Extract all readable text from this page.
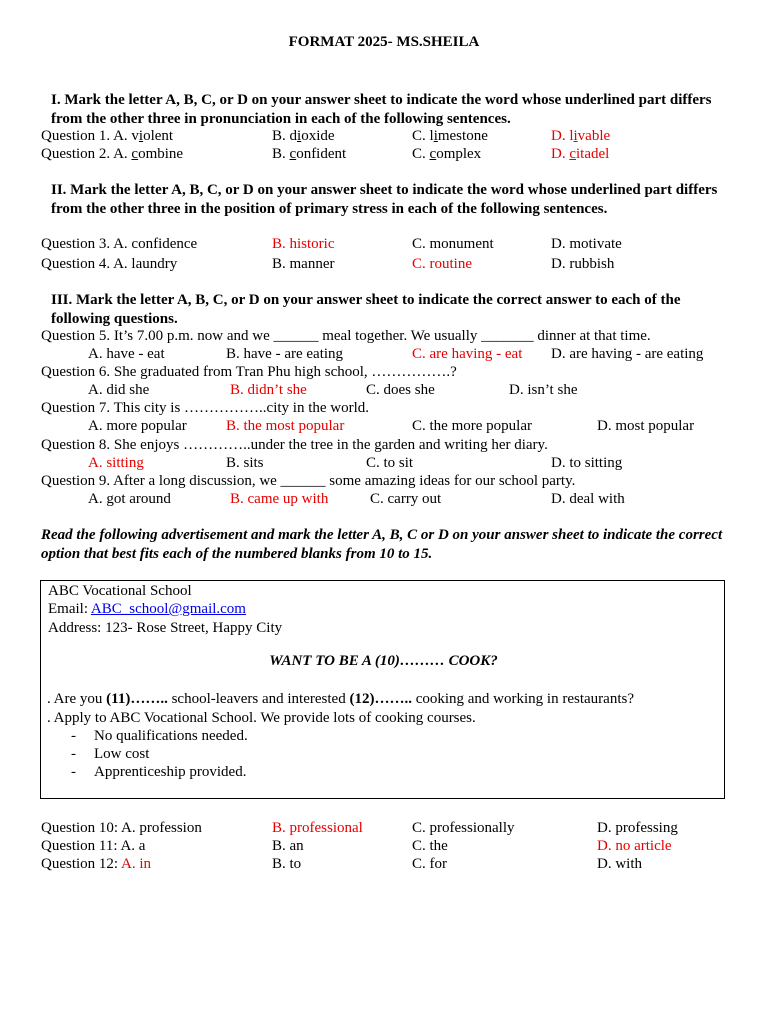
FORMAT 2025- MS.SHEILA
I. Mark the letter A, B, C, or D on your answer sheet to indicate the word whose underlined part differs from the other three in pronunciation in each of the following sentences.
Question 1. A. violent	B. dioxide	C. limestone	D. livable
Question 2. A. combine	B. confident	C. complex	D. citadel
II. Mark the letter A, B, C, or D on your answer sheet to indicate the word whose underlined part differs from the other three in the position of primary stress in each of the following sentences.
Question 3. A. confidence	B. historic	C. monument	D. motivate
Question 4. A. laundry	B. manner	C. routine	D. rubbish
III. Mark the letter A, B, C, or D on your answer sheet to indicate the correct answer to each of the following questions.
Question 5. It’s 7.00 p.m. now and we ______ meal together. We usually _______ dinner at that time.
A. have - eat	B. have - are eating	C. are having - eat D. are having - are eating
Question 6. She graduated from Tran Phu high school, …………….?
A. did she	B. didn’t she	C. does she	D. isn’t she
Question 7. This city is ……………..city in the world.
A. more popular	B. the most popular	C. the more popular	D. most popular
Question 8. She enjoys …………..under the tree in the garden and writing her diary.
A. sitting	B. sits	C. to sit	D. to sitting
Question 9. After a long discussion, we ______ some amazing ideas for our school party.
A. got around	B. came up with	C. carry out	D. deal with
Read the following advertisement and mark the letter A, B, C or D on your answer sheet to indicate the correct option that best fits each of the numbered blanks from 10 to 15.
ABC Vocational School
Email: ABC_school@gmail.com
Address: 123- Rose Street, Happy City
WANT TO BE A (10)……… COOK?
. Are you (11)…….. school-leavers and interested (12)…….. cooking and working in restaurants?
. Apply to ABC Vocational School. We provide lots of cooking courses.
- No qualifications needed.
- Low cost
- Apprenticeship provided.
Question 10: A. profession	B. professional	C. professionally	D. professing
Question 11: A. a	B. an	C. the	D. no article
Question 12: A. in	B. to	C. for	D. with
